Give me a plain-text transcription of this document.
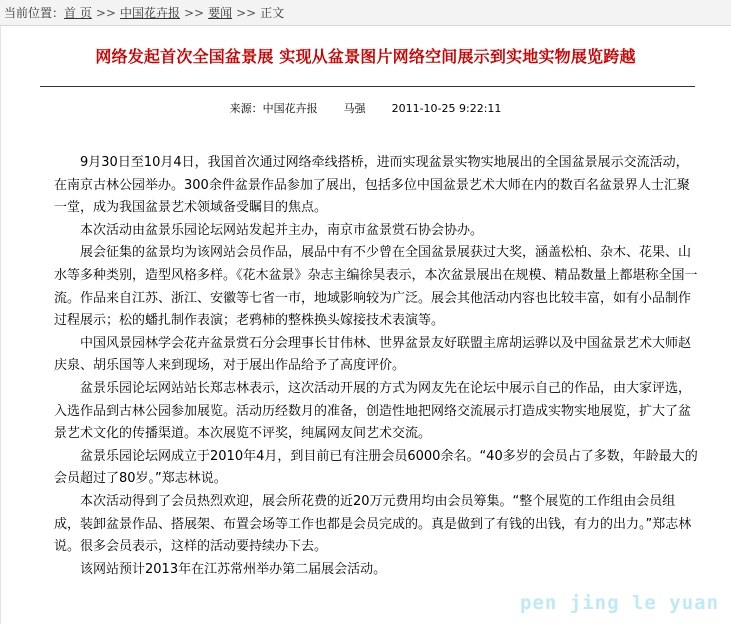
当前位置： 首 页 >> 中国花卉报 >> 要闻 >> 正文
网络发起首次全国盆景展 实现从盆景图片网络空间展示到实地实物展览跨越
来源：中国花卉报 马强 2011-10-25 9:22:11

9月30日至10月4日，我国首次通过网络牵线搭桥，进而实现盆景实物实地展出的全国盆景展示交流活动，在南京古林公园举办。300余件盆景作品参加了展出，包括多位中国盆景艺术大师在内的数百名盆景界人士汇聚一堂，成为我国盆景艺术领域备受瞩目的焦点。

本次活动由盆景乐园论坛网站发起并主办，南京市盆景赏石协会协办。

展会征集的盆景均为该网站会员作品，展品中有不少曾在全国盆景展获过大奖，涵盖松柏、杂木、花果、山水等多种类别，造型风格多样。《花木盆景》杂志主编徐昊表示，本次盆景展出在规模、精品数量上都堪称全国一流。作品来自江苏、浙江、安徽等七省一市，地域影响较为广泛。展会其他活动内容也比较丰富，如有小品制作过程展示；松的蟠扎制作表演；老鸦柿的整株换头嫁接技术表演等。

中国风景园林学会花卉盆景赏石分会理事长甘伟林、世界盆景友好联盟主席胡运骅以及中国盆景艺术大师赵庆泉、胡乐国等人来到现场，对于展出作品给予了高度评价。

盆景乐园论坛网站站长郑志林表示，这次活动开展的方式为网友先在论坛中展示自己的作品，由大家评选，入选作品到古林公园参加展览。活动历经数月的准备，创造性地把网络交流展示打造成实物实地展览，扩大了盆景艺术文化的传播渠道。本次展览不评奖，纯属网友间艺术交流。

盆景乐园论坛网成立于2010年4月，到目前已有注册会员6000余名。“40多岁的会员占了多数，年龄最大的会员超过了80岁。”郑志林说。

本次活动得到了会员热烈欢迎，展会所花费的近20万元费用均由会员筹集。“整个展览的工作组由会员组成，装卸盆景作品、搭展架、布置会场等工作也都是会员完成的。真是做到了有钱的出钱，有力的出力。”郑志林说。很多会员表示，这样的活动要持续办下去。

该网站预计2013年在江苏常州举办第二届展会活动。

pen jing le yuan
